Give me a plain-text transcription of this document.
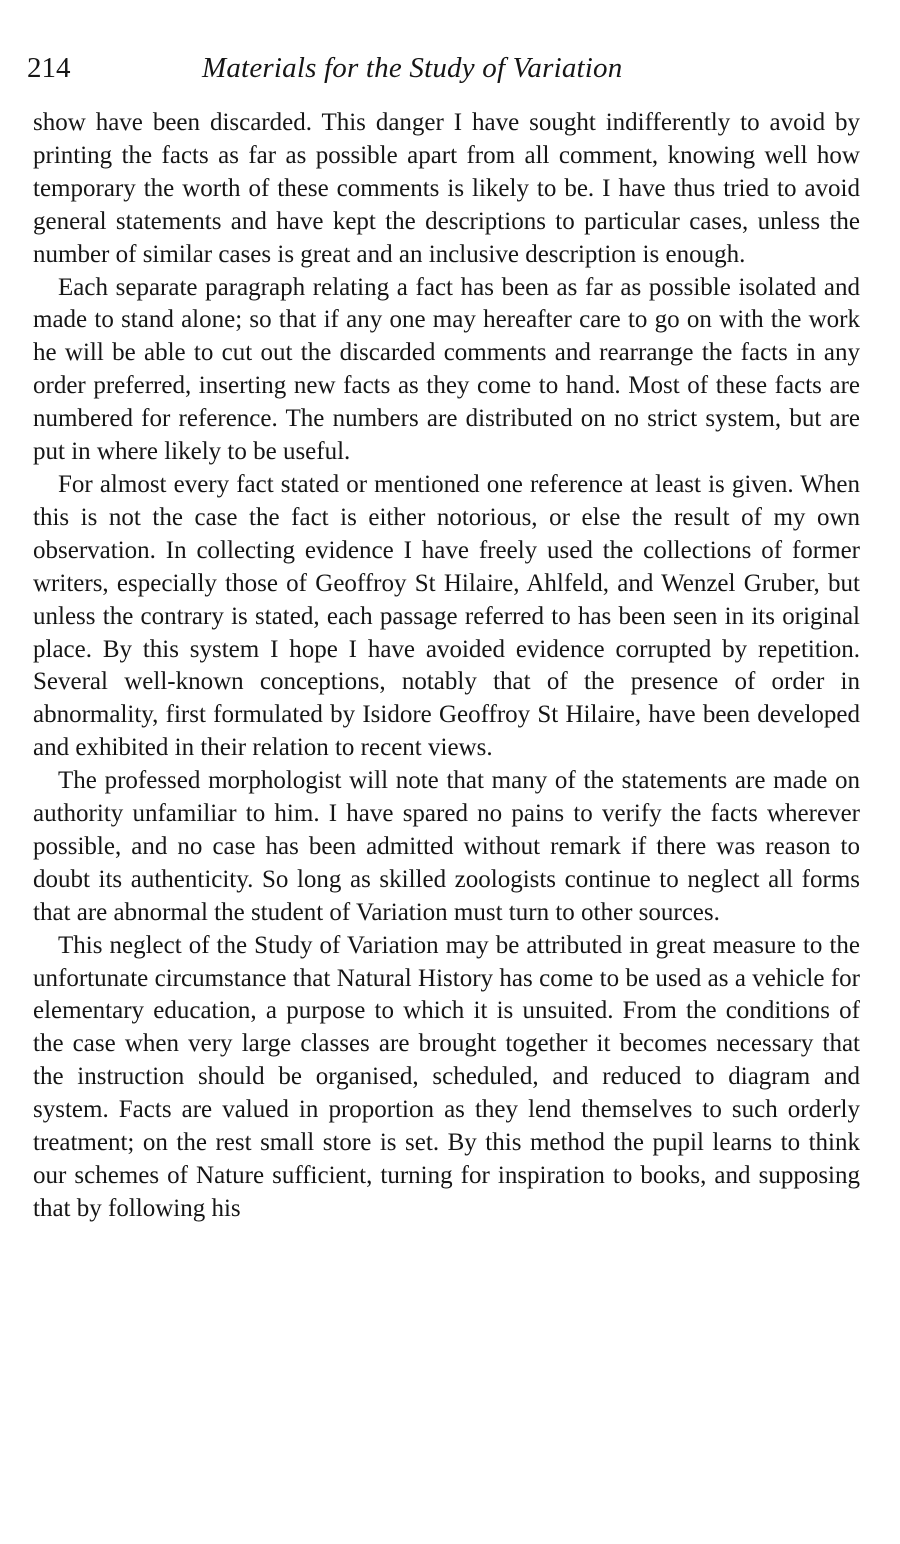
214	Materials for the Study of Variation

show have been discarded. This danger I have sought indifferently to avoid by printing the facts as far as possible apart from all comment, knowing well how temporary the worth of these comments is likely to be. I have thus tried to avoid general statements and have kept the descriptions to particular cases, unless the number of similar cases is great and an inclusive description is enough.

Each separate paragraph relating a fact has been as far as possible isolated and made to stand alone; so that if any one may hereafter care to go on with the work he will be able to cut out the discarded comments and rearrange the facts in any order preferred, inserting new facts as they come to hand. Most of these facts are numbered for reference. The numbers are distributed on no strict system, but are put in where likely to be useful.

For almost every fact stated or mentioned one reference at least is given. When this is not the case the fact is either notorious, or else the result of my own observation. In collecting evidence I have freely used the collections of former writers, especially those of Geoffroy St Hilaire, Ahlfeld, and Wenzel Gruber, but unless the contrary is stated, each passage referred to has been seen in its original place. By this system I hope I have avoided evidence corrupted by repetition. Several well-known conceptions, notably that of the presence of order in abnormality, first formulated by Isidore Geoffroy St Hilaire, have been developed and exhibited in their relation to recent views.

The professed morphologist will note that many of the statements are made on authority unfamiliar to him. I have spared no pains to verify the facts wherever possible, and no case has been admitted without remark if there was reason to doubt its authenticity. So long as skilled zoologists continue to neglect all forms that are abnormal the student of Variation must turn to other sources.

This neglect of the Study of Variation may be attributed in great measure to the unfortunate circumstance that Natural History has come to be used as a vehicle for elementary education, a purpose to which it is unsuited. From the conditions of the case when very large classes are brought together it becomes necessary that the instruction should be organised, scheduled, and reduced to diagram and system. Facts are valued in proportion as they lend themselves to such orderly treatment; on the rest small store is set. By this method the pupil learns to think our schemes of Nature sufficient, turning for inspiration to books, and supposing that by following his
